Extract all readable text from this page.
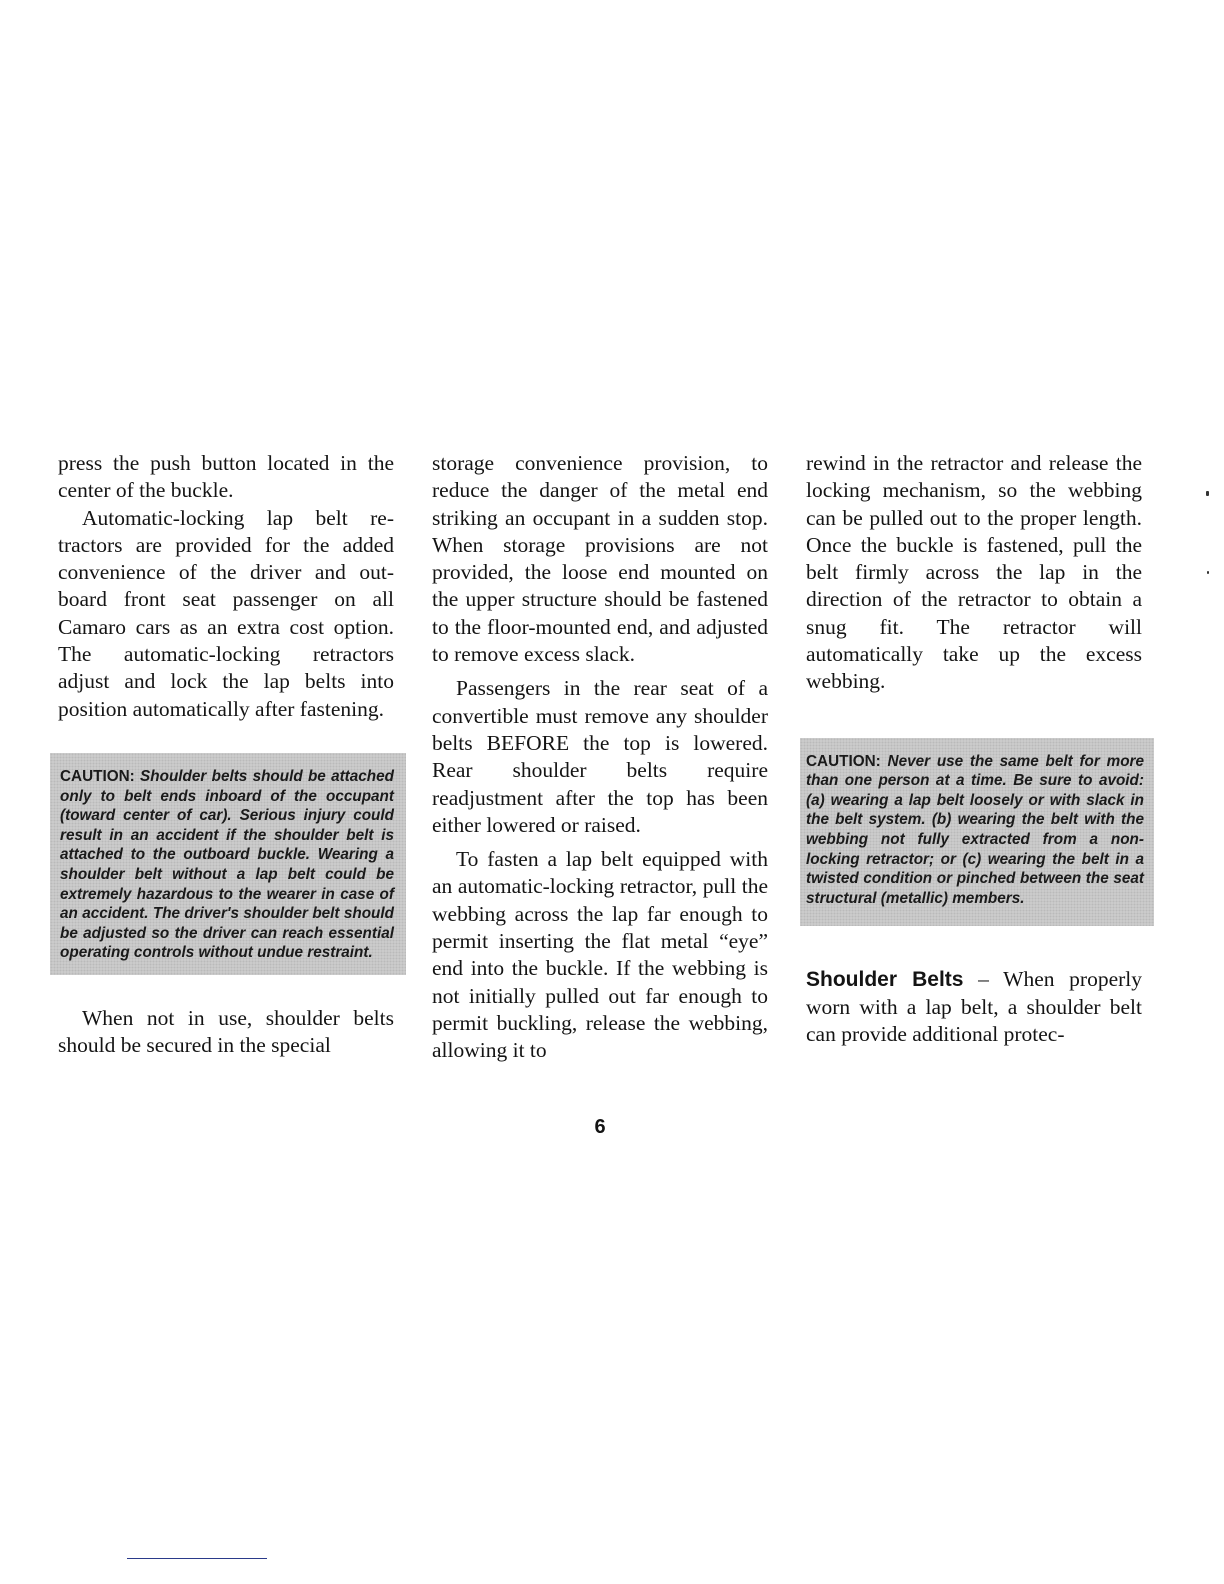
press the push button located in the center of the buckle.

Automatic-locking lap belt retractors are provided for the added convenience of the driver and outboard front seat passenger on all Camaro cars as an extra cost option. The automatic-locking retractors adjust and lock the lap belts into position automatically after fastening.

CAUTION: Shoulder belts should be attached only to belt ends inboard of the occupant (toward center of car). Serious injury could result in an accident if the shoulder belt is attached to the outboard buckle. Wearing a shoulder belt without a lap belt could be extremely hazardous to the wearer in case of an accident. The driver's shoulder belt should be adjusted so the driver can reach essential operating controls without undue restraint.

When not in use, shoulder belts should be secured in the special

storage convenience provision, to reduce the danger of the metal end striking an occupant in a sudden stop. When storage provisions are not provided, the loose end mounted on the upper structure should be fastened to the floor-mounted end, and adjusted to remove excess slack.

Passengers in the rear seat of a convertible must remove any shoulder belts BEFORE the top is lowered. Rear shoulder belts require readjustment after the top has been either lowered or raised.

To fasten a lap belt equipped with an automatic-locking retractor, pull the webbing across the lap far enough to permit inserting the flat metal “eye” end into the buckle. If the webbing is not initially pulled out far enough to permit buckling, release the webbing, allowing it to

rewind in the retractor and release the locking mechanism, so the webbing can be pulled out to the proper length. Once the buckle is fastened, pull the belt firmly across the lap in the direction of the retractor to obtain a snug fit. The retractor will automatically take up the excess webbing.

CAUTION: Never use the same belt for more than one person at a time. Be sure to avoid: (a) wearing a lap belt loosely or with slack in the belt system. (b) wearing the belt with the webbing not fully extracted from a non-locking retractor; or (c) wearing the belt in a twisted condition or pinched between the seat structural (metallic) members.

Shoulder Belts – When properly worn with a lap belt, a shoulder belt can provide additional protec-

6
